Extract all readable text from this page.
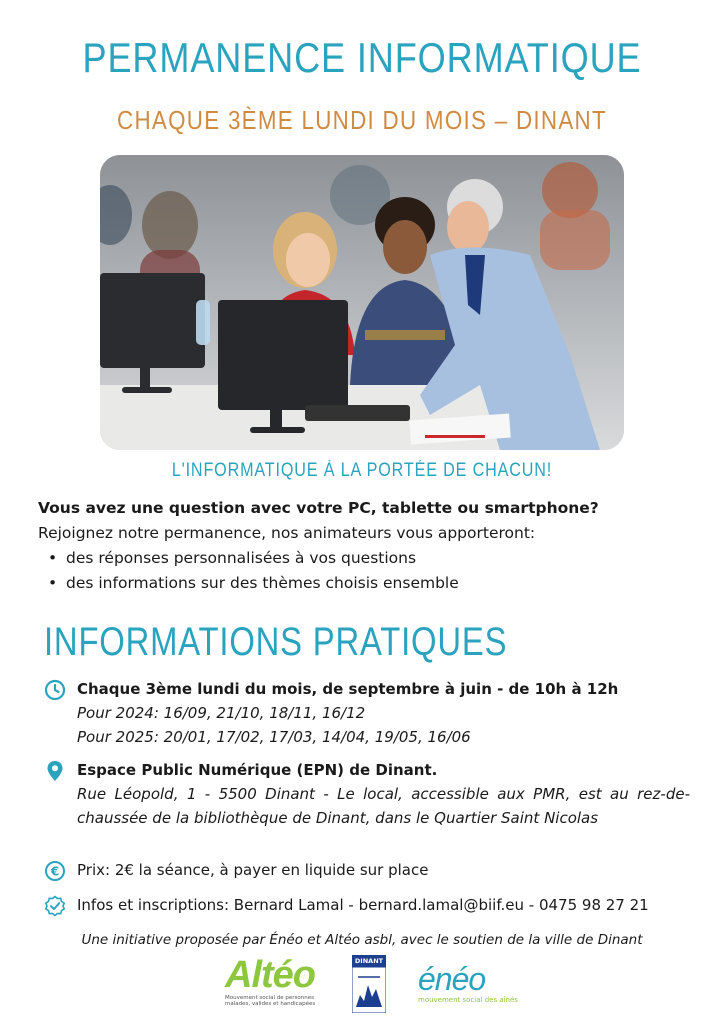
PERMANENCE INFORMATIQUE
CHAQUE 3ÈME LUNDI DU MOIS – DINANT
L'INFORMATIQUE À LA PORTÉE DE CHACUN!
Vous avez une question avec votre PC, tablette ou smartphone?
Rejoignez notre permanence, nos animateurs vous apporteront:
• des réponses personnalisées à vos questions
• des informations sur des thèmes choisis ensemble
INFORMATIONS PRATIQUES
Chaque 3ème lundi du mois, de septembre à juin - de 10h à 12h
Pour 2024: 16/09, 21/10, 18/11, 16/12
Pour 2025: 20/01, 17/02, 17/03, 14/04, 19/05, 16/06
Espace Public Numérique (EPN) de Dinant.
Rue Léopold, 1 - 5500 Dinant - Le local, accessible aux PMR, est au rez-de-chaussée de la bibliothèque de Dinant, dans le Quartier Saint Nicolas
€ Prix: 2€ la séance, à payer en liquide sur place
Infos et inscriptions: Bernard Lamal - bernard.lamal@biif.eu - 0475 98 27 21
Une initiative proposée par Énéo et Altéo asbl, avec le soutien de la ville de Dinant
Altéo
Mouvement social de personnes malades, valides et handicapées
DINANT énéo
mouvement social des aînés
